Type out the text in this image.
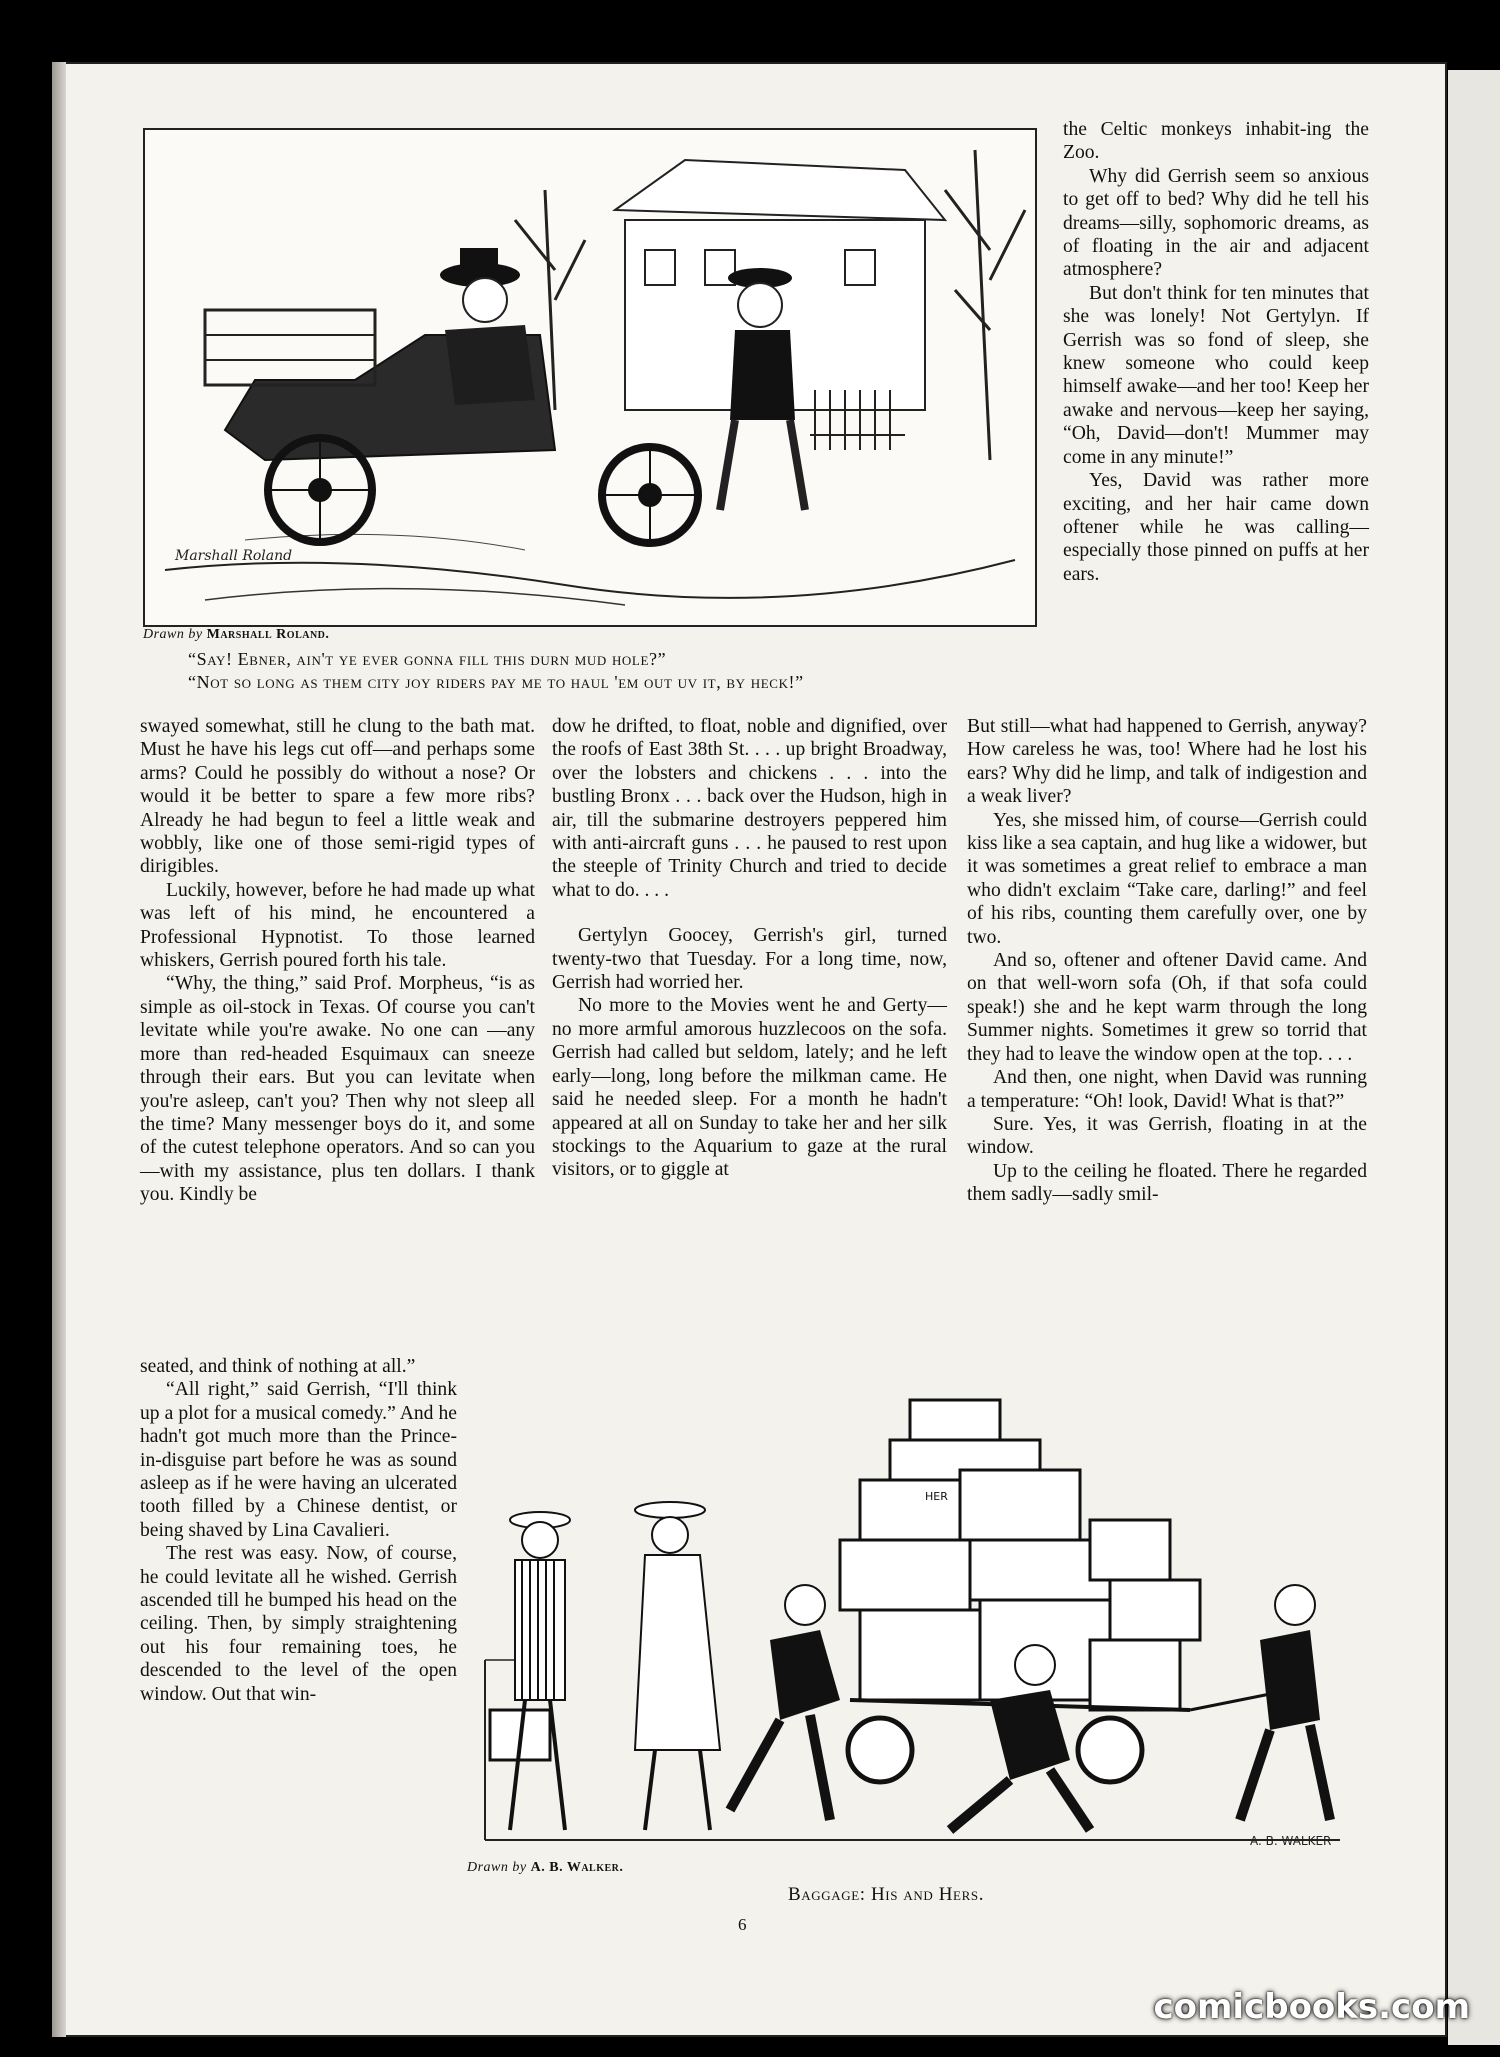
Marshall Roland
Drawn by Marshall Roland.
“Say! Ebner, ain't ye ever gonna fill this durn mud hole?”
“Not so long as them city joy riders pay me to haul 'em out uv it, by heck!”

the Celtic monkeys inhabit-ing the Zoo.

Why did Gerrish seem so anxious to get off to bed? Why did he tell his dreams—silly, sophomoric dreams, as of floating in the air and adjacent atmosphere?

But don't think for ten minutes that she was lonely! Not Gertylyn. If Gerrish was so fond of sleep, she knew someone who could keep himself awake—and her too! Keep her awake and nervous—keep her saying, “Oh, David—don't! Mummer may come in any minute!”

Yes, David was rather more exciting, and her hair came down oftener while he was calling—especially those pinned on puffs at her ears.

swayed somewhat, still he clung to the bath mat. Must he have his legs cut off—and perhaps some arms? Could he possibly do without a nose? Or would it be better to spare a few more ribs? Already he had begun to feel a little weak and wobbly, like one of those semi-rigid types of dirigibles.

Luckily, however, before he had made up what was left of his mind, he encountered a Professional Hypnotist. To those learned whiskers, Gerrish poured forth his tale.

“Why, the thing,” said Prof. Morpheus, “is as simple as oil-stock in Texas. Of course you can't levitate while you're awake. No one can —any more than red-headed Esquimaux can sneeze through their ears. But you can levitate when you're asleep, can't you? Then why not sleep all the time? Many messenger boys do it, and some of the cutest telephone operators. And so can you —with my assistance, plus ten dollars. I thank you. Kindly be

seated, and think of nothing at all.”

“All right,” said Gerrish, “I'll think up a plot for a musical comedy.” And he hadn't got much more than the Prince-in-disguise part before he was as sound asleep as if he were having an ulcerated tooth filled by a Chinese dentist, or being shaved by Lina Cavalieri.

The rest was easy. Now, of course, he could levitate all he wished. Gerrish ascended till he bumped his head on the ceiling. Then, by simply straightening out his four remaining toes, he descended to the level of the open window. Out that win-

dow he drifted, to float, noble and dignified, over the roofs of East 38th St. . . . up bright Broadway, over the lobsters and chickens . . . into the bustling Bronx . . . back over the Hudson, high in air, till the submarine destroyers peppered him with anti-aircraft guns . . . he paused to rest upon the steeple of Trinity Church and tried to decide what to do. . . .

Gertylyn Goocey, Gerrish's girl, turned twenty-two that Tuesday. For a long time, now, Gerrish had worried her.

No more to the Movies went he and Gerty—no more armful amorous huzzlecoos on the sofa. Gerrish had called but seldom, lately; and he left early—long, long before the milkman came. He said he needed sleep. For a month he hadn't appeared at all on Sunday to take her and her silk stockings to the Aquarium to gaze at the rural visitors, or to giggle at

But still—what had happened to Gerrish, anyway? How careless he was, too! Where had he lost his ears? Why did he limp, and talk of indigestion and a weak liver?

Yes, she missed him, of course—Gerrish could kiss like a sea captain, and hug like a widower, but it was sometimes a great relief to embrace a man who didn't exclaim “Take care, darling!” and feel of his ribs, counting them carefully over, one by two.

And so, oftener and oftener David came. And on that well-worn sofa (Oh, if that sofa could speak!) she and he kept warm through the long Summer nights. Sometimes it grew so torrid that they had to leave the window open at the top. . . .

And then, one night, when David was running a temperature: “Oh! look, David! What is that?”

Sure. Yes, it was Gerrish, floating in at the window.

Up to the ceiling he floated. There he regarded them sadly—sadly smil-

HER
A. B. WALKER
Drawn by A. B. Walker.
Baggage: His and Hers.
6
comicbooks.com
